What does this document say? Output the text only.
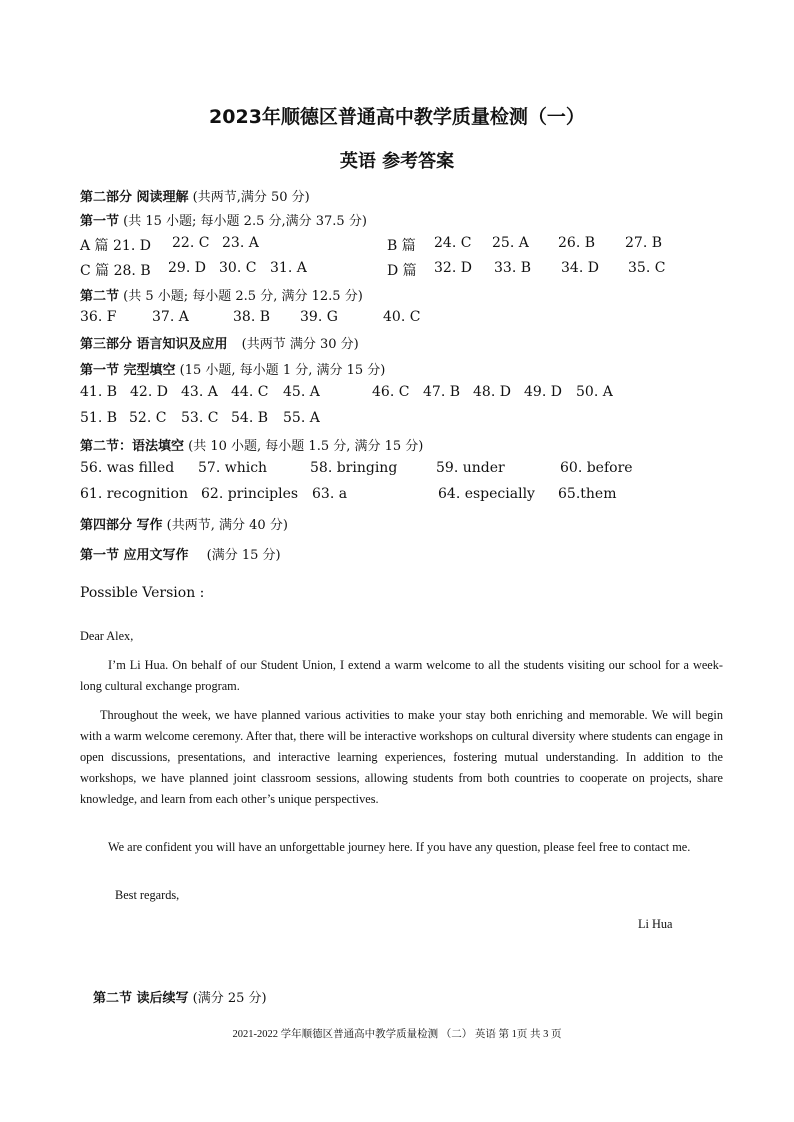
2023年顺德区普通高中教学质量检测（一）
英语 参考答案
第二部分 阅读理解 (共两节,满分 50 分)
第一节 (共 15 小题; 每小题 2.5 分,满分 37.5 分)
A 篇 21. D 22. C 23. A	B 篇 24. C 25. A 26. B 27. B
C 篇 28. B 29. D 30. C 31. A	D 篇 32. D 33. B 34. D 35. C
第二节 (共 5 小题; 每小题 2.5 分, 满分 12.5 分)
36. F	37. A	38. B 39. G	40. C
第三部分 语言知识及应用 (共两节 满分 30 分)
第一节 完型填空 (15 小题, 每小题 1 分, 满分 15 分)
41. B 42. D 43. A 44. C 45. A	46. C 47. B 48. D 49. D 50. A
51. B 52. C 53. C 54. B 55. A
第二节：语法填空 (共 10 小题, 每小题 1.5 分, 满分 15 分)
56. was filled 57. which	58. bringing	59. under	60. before
61. recognition 62. principles 63. a	64. especially 65.them
第四部分 写作 (共两节, 满分 40 分)
第一节 应用文写作 (满分 15 分)
Possible Version :
Dear Alex,
I’m Li Hua. On behalf of our Student Union, I extend a warm welcome to all the students visiting our school for a week-long cultural exchange program.
Throughout the week, we have planned various activities to make your stay both enriching and memorable. We will begin with a warm welcome ceremony. After that, there will be interactive workshops on cultural diversity where students can engage in open discussions, presentations, and interactive learning experiences, fostering mutual understanding. In addition to the workshops, we have planned joint classroom sessions, allowing students from both countries to cooperate on projects, share knowledge, and learn from each other’s unique perspectives.
We are confident you will have an unforgettable journey here. If you have any question, please feel free to contact me.
Best regards,
Li Hua
第二节 读后续写 (满分 25 分)
2021-2022 学年顺德区普通高中教学质量检测 （二） 英语 第 1页 共 3 页
